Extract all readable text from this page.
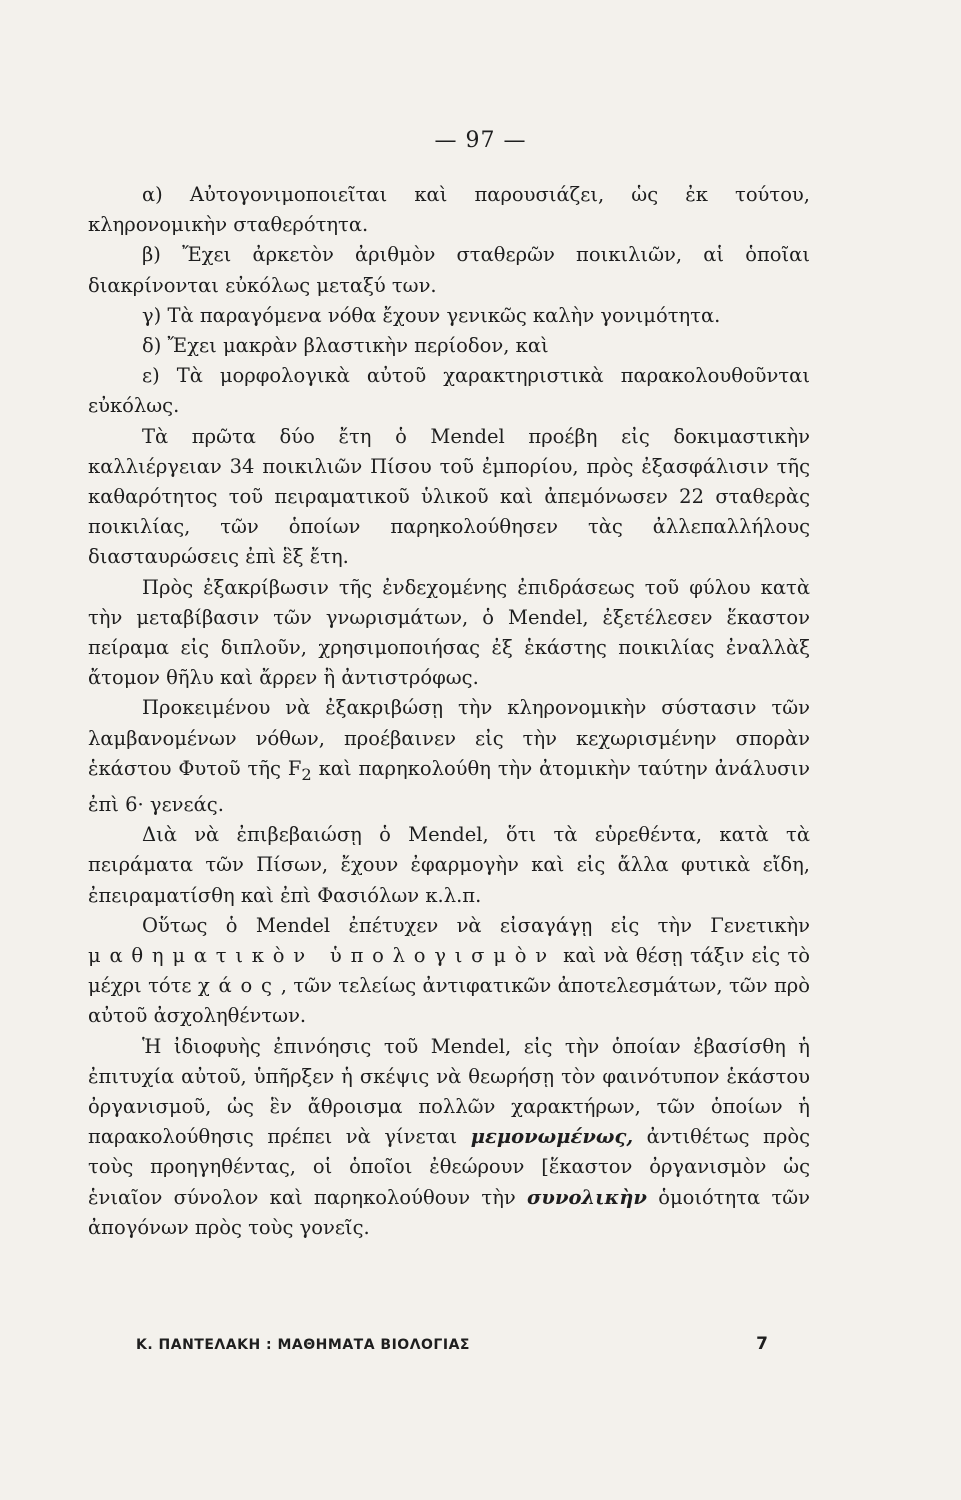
— 97 —

α) Αὐτογονιμοποιεῖται καὶ παρουσιάζει, ὡς ἐκ τούτου, κληρονομικὴν σταθερότητα.

β) Ἔχει ἀρκετὸν ἀριθμὸν σταθερῶν ποικιλιῶν, αἱ ὁποῖαι διακρίνονται εὐκόλως μεταξύ των.

γ) Τὰ παραγόμενα νόθα ἔχουν γενικῶς καλὴν γονιμότητα.

δ) Ἔχει μακρὰν βλαστικὴν περίοδον, καὶ

ε) Τὰ μορφολογικὰ αὐτοῦ χαρακτηριστικὰ παρακολουθοῦνται εὐκόλως.

Τὰ πρῶτα δύο ἔτη ὁ Mendel προέβη εἰς δοκιμαστικὴν καλλιέργειαν 34 ποικιλιῶν Πίσου τοῦ ἐμπορίου, πρὸς ἐξασφάλισιν τῆς καθαρότητος τοῦ πειραματικοῦ ὑλικοῦ καὶ ἀπεμόνωσεν 22 σταθερὰς ποικιλίας, τῶν ὁποίων παρηκολούθησεν τὰς ἀλλεπαλλήλους διασταυρώσεις ἐπὶ ἓξ ἔτη.

Πρὸς ἐξακρίβωσιν τῆς ἐνδεχομένης ἐπιδράσεως τοῦ φύλου κατὰ τὴν μεταβίβασιν τῶν γνωρισμάτων, ὁ Mendel, ἐξετέλεσεν ἕκαστον πείραμα εἰς διπλοῦν, χρησιμοποιήσας ἐξ ἑκάστης ποικιλίας ἐναλλὰξ ἄτομον θῆλυ καὶ ἄρρεν ἢ ἀντιστρόφως.

Προκειμένου νὰ ἐξακριβώσῃ τὴν κληρονομικὴν σύστασιν τῶν λαμβανομένων νόθων, προέβαινεν εἰς τὴν κεχωρισμένην σπορὰν ἑκάστου Φυτοῦ τῆς $F_2$ καὶ παρηκολούθη τὴν ἀτομικὴν ταύτην ἀνάλυσιν ἐπὶ 6· γενεάς.

Διὰ νὰ ἐπιβεβαιώσῃ ὁ Mendel, ὅτι τὰ εὑρεθέντα, κατὰ τὰ πειράματα τῶν Πίσων, ἔχουν ἐφαρμογὴν καὶ εἰς ἄλλα φυτικὰ εἴδη, ἐπειραματίσθη καὶ ἐπὶ Φασιόλων κ.λ.π.

Οὕτως ὁ Mendel ἐπέτυχεν νὰ εἰσαγάγῃ εἰς τὴν Γενετικὴν μαθηματικὸν ὑπολογισμὸν καὶ νὰ θέσῃ τάξιν εἰς τὸ μέχρι τότε χάος, τῶν τελείως ἀντιφατικῶν ἀποτελεσμάτων, τῶν πρὸ αὐτοῦ ἀσχοληθέντων.

Ἡ ἰδιοφυὴς ἐπινόησις τοῦ Mendel, εἰς τὴν ὁποίαν ἐβασίσθη ἡ ἐπιτυχία αὐτοῦ, ὑπῆρξεν ἡ σκέψις νὰ θεωρήσῃ τὸν φαινότυπον ἑκάστου ὀργανισμοῦ, ὡς ἓν ἄθροισμα πολλῶν χαρακτήρων, τῶν ὁποίων ἡ παρακολούθησις πρέπει νὰ γίνεται μεμονωμένως, ἀντιθέτως πρὸς τοὺς προηγηθέντας, οἱ ὁποῖοι ἐθεώρουν [ἕκαστον ὀργανισμὸν ὡς ἑνιαῖον σύνολον καὶ παρηκολούθουν τὴν συνολικὴν ὁμοιότητα τῶν ἀπογόνων πρὸς τοὺς γονεῖς.

Κ. ΠΑΝΤΕΛΑΚΗ : ΜΑΘΗΜΑΤΑ ΒΙΟΛΟΓΙΑΣ	7
